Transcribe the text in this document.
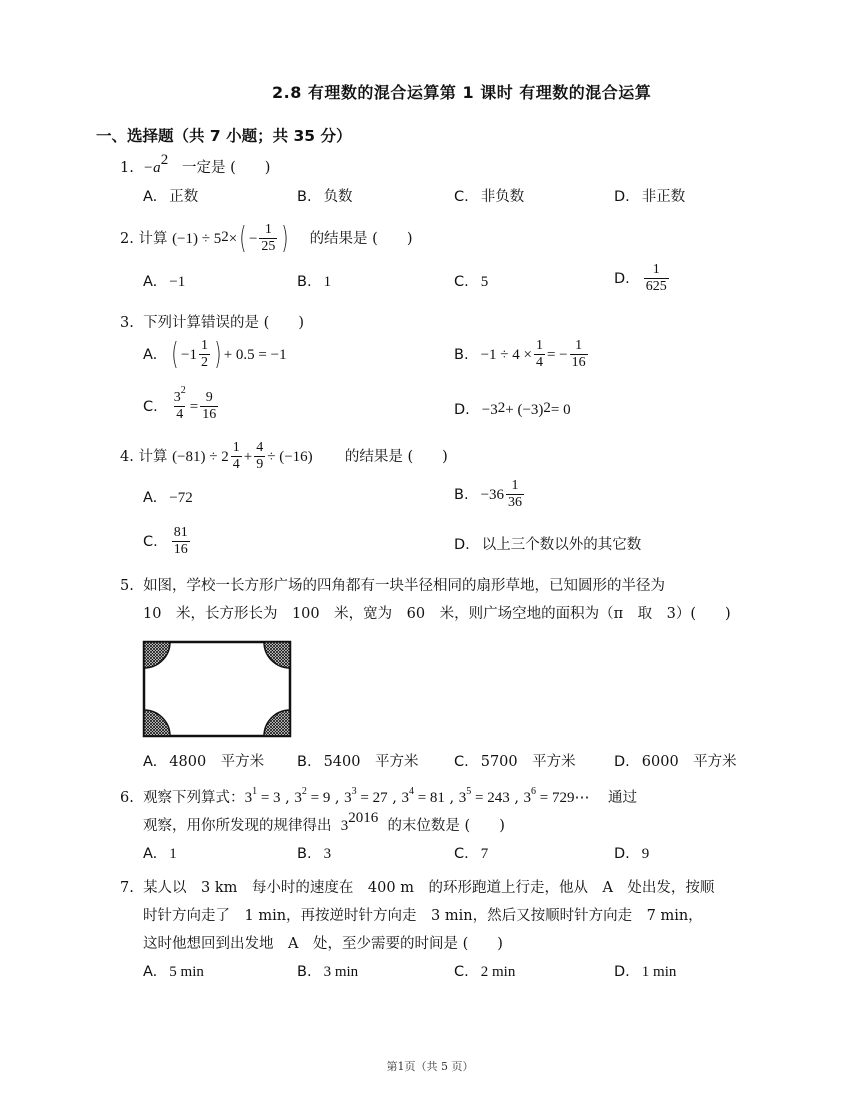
2.8 有理数的混合运算第 1 课时 有理数的混合运算
一、选择题（共 7 小题；共 35 分）
1. $-a^2$ 一定是 (　　)
A. 正数	B. 负数	C. 非负数	D. 非正数
2.
计算
$(-1) \div 5^2$ × ( − $\frac{1}{25}$ )
的结果是 (　　)
A. −1	B. 1	C. 5	D. $\frac{1}{625}$
3. 下列计算错误的是 (　　)
A. ( $-1 \frac{1}{2}$ ) + 0.5 = −1	B. $-1 \div 4 \times \frac{1}{4}$ = − $\frac{1}{16}$
C. $\frac{3^2}{4} = \frac{9}{16}$	D. $-3^2 + (-3)^2 = 0$
4.
计算
$(-81) \div 2 \frac{1}{4} + \frac{4}{9} \div (-16)$
的结果是 (　　)
A. −72	B. $-36 \frac{1}{36}$
C. $\frac{81}{16}$	D. 以上三个数以外的其它数
5. 如图，学校一长方形广场的四角都有一块半径相同的扇形草地，已知圆形的半径为
10　米，长方形长为　100　米，宽为　60　米，则广场空地的面积为（π　取　3）(　　)
A. 4800　平方米 B. 5400　平方米 C. 5700　平方米	D. 6000　平方米
6. 观察下列算式：$3^1 = 3$ , $3^2 = 9$ , $3^3 = 27$ , $3^4 = 81$ , $3^5 = 243$ , $3^6$ = 729⋯ 通过
观察，用你所发现的规律得出 $3^{2016}$ 的末位数是 (　　)
A. 1	B. 3	C. 7	D. 9
7. 某人以　3 km　每小时的速度在　400 m　的环形跑道上行走，他从　A　处出发，按顺
时针方向走了　1 min，再按逆时针方向走　3 min，然后又按顺时针方向走　7 min，
这时他想回到出发地　A　处，至少需要的时间是 (　　)
A. 5 min	B. 3 min	C. 2 min	D. 1 min
第1页（共 5 页）
